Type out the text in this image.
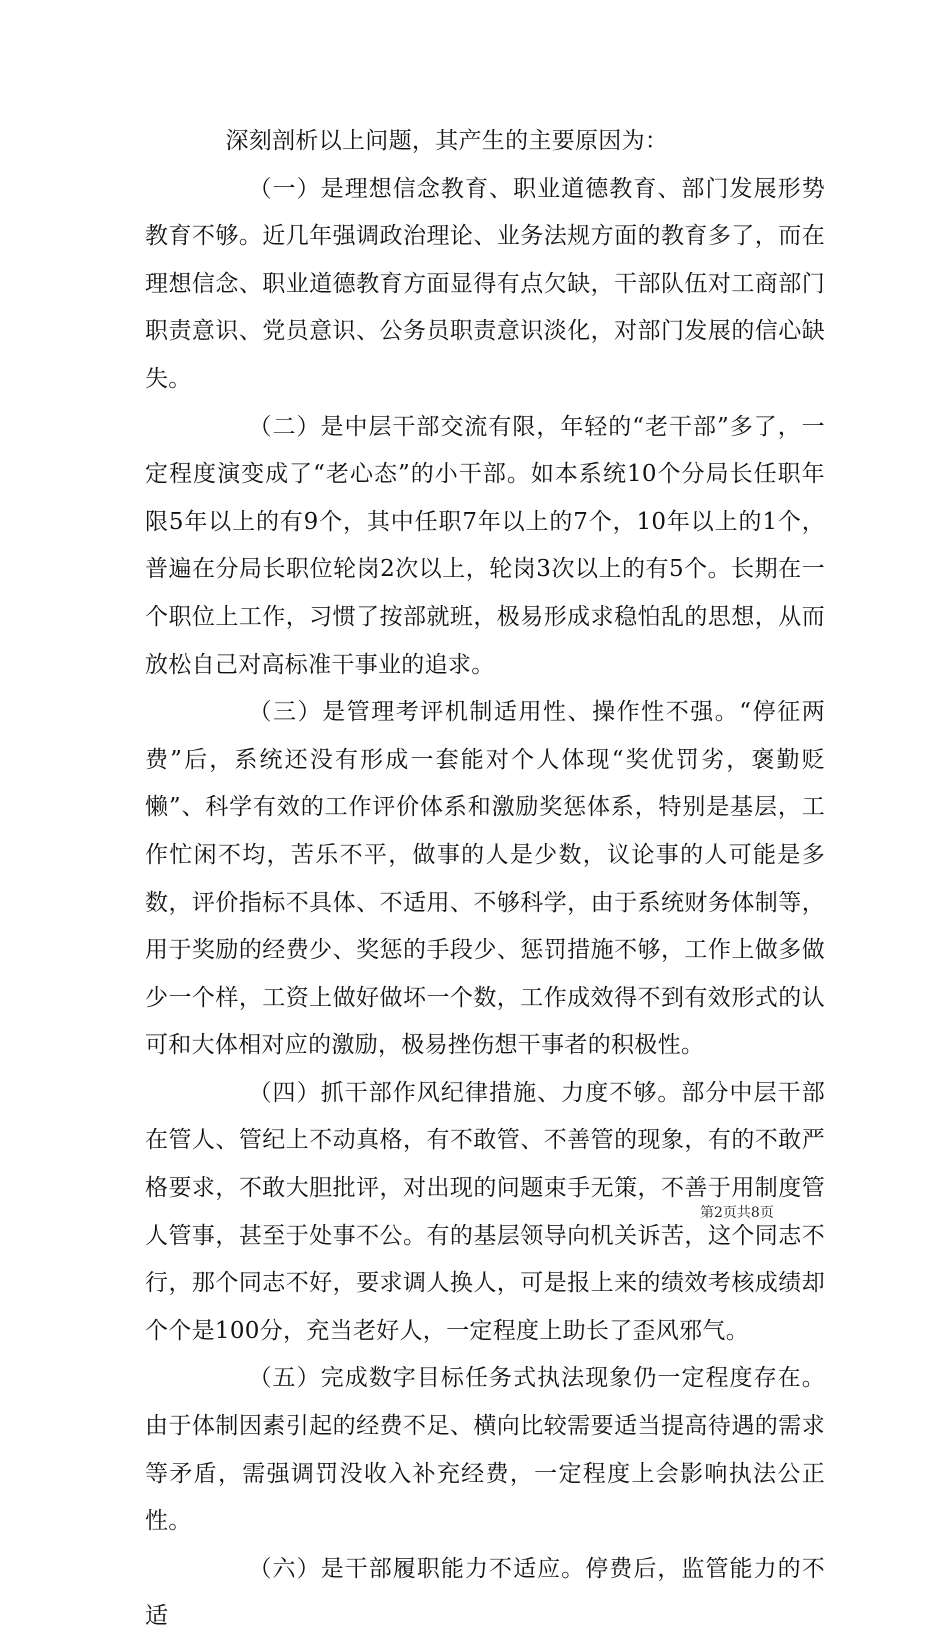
深刻剖析以上问题，其产生的主要原因为：

（一）是理想信念教育、职业道德教育、部门发展形势教育不够。近几年强调政治理论、业务法规方面的教育多了，而在理想信念、职业道德教育方面显得有点欠缺，干部队伍对工商部门职责意识、党员意识、公务员职责意识淡化，对部门发展的信心缺失。

（二）是中层干部交流有限，年轻的“老干部”多了，一定程度演变成了“老心态”的小干部。如本系统10个分局长任职年限5年以上的有9个，其中任职7年以上的7个，10年以上的1个，普遍在分局长职位轮岗2次以上，轮岗3次以上的有5个。长期在一个职位上工作，习惯了按部就班，极易形成求稳怕乱的思想，从而放松自己对高标准干事业的追求。

（三）是管理考评机制适用性、操作性不强。“停征两费”后，系统还没有形成一套能对个人体现“奖优罚劣，褒勤贬懒”、科学有效的工作评价体系和激励奖惩体系，特别是基层，工作忙闲不均，苦乐不平，做事的人是少数，议论事的人可能是多数，评价指标不具体、不适用、不够科学，由于系统财务体制等，用于奖励的经费少、奖惩的手段少、惩罚措施不够，工作上做多做少一个样，工资上做好做坏一个数，工作成效得不到有效形式的认可和大体相对应的激励，极易挫伤想干事者的积极性。

（四）抓干部作风纪律措施、力度不够。部分中层干部在管人、管纪上不动真格，有不敢管、不善管的现象，有的不敢严格要求，不敢大胆批评，对出现的问题束手无策，不善于用制度管人管事，甚至于处事不公。有的基层领导向机关诉苦，这个同志不行，那个同志不好，要求调人换人，可是报上来的绩效考核成绩却个个是100分，充当老好人，一定程度上助长了歪风邪气。

（五）完成数字目标任务式执法现象仍一定程度存在。由于体制因素引起的经费不足、横向比较需要适当提高待遇的需求等矛盾，需强调罚没收入补充经费，一定程度上会影响执法公正性。

（六）是干部履职能力不适应。停费后，监管能力的不适

第2页共8页
